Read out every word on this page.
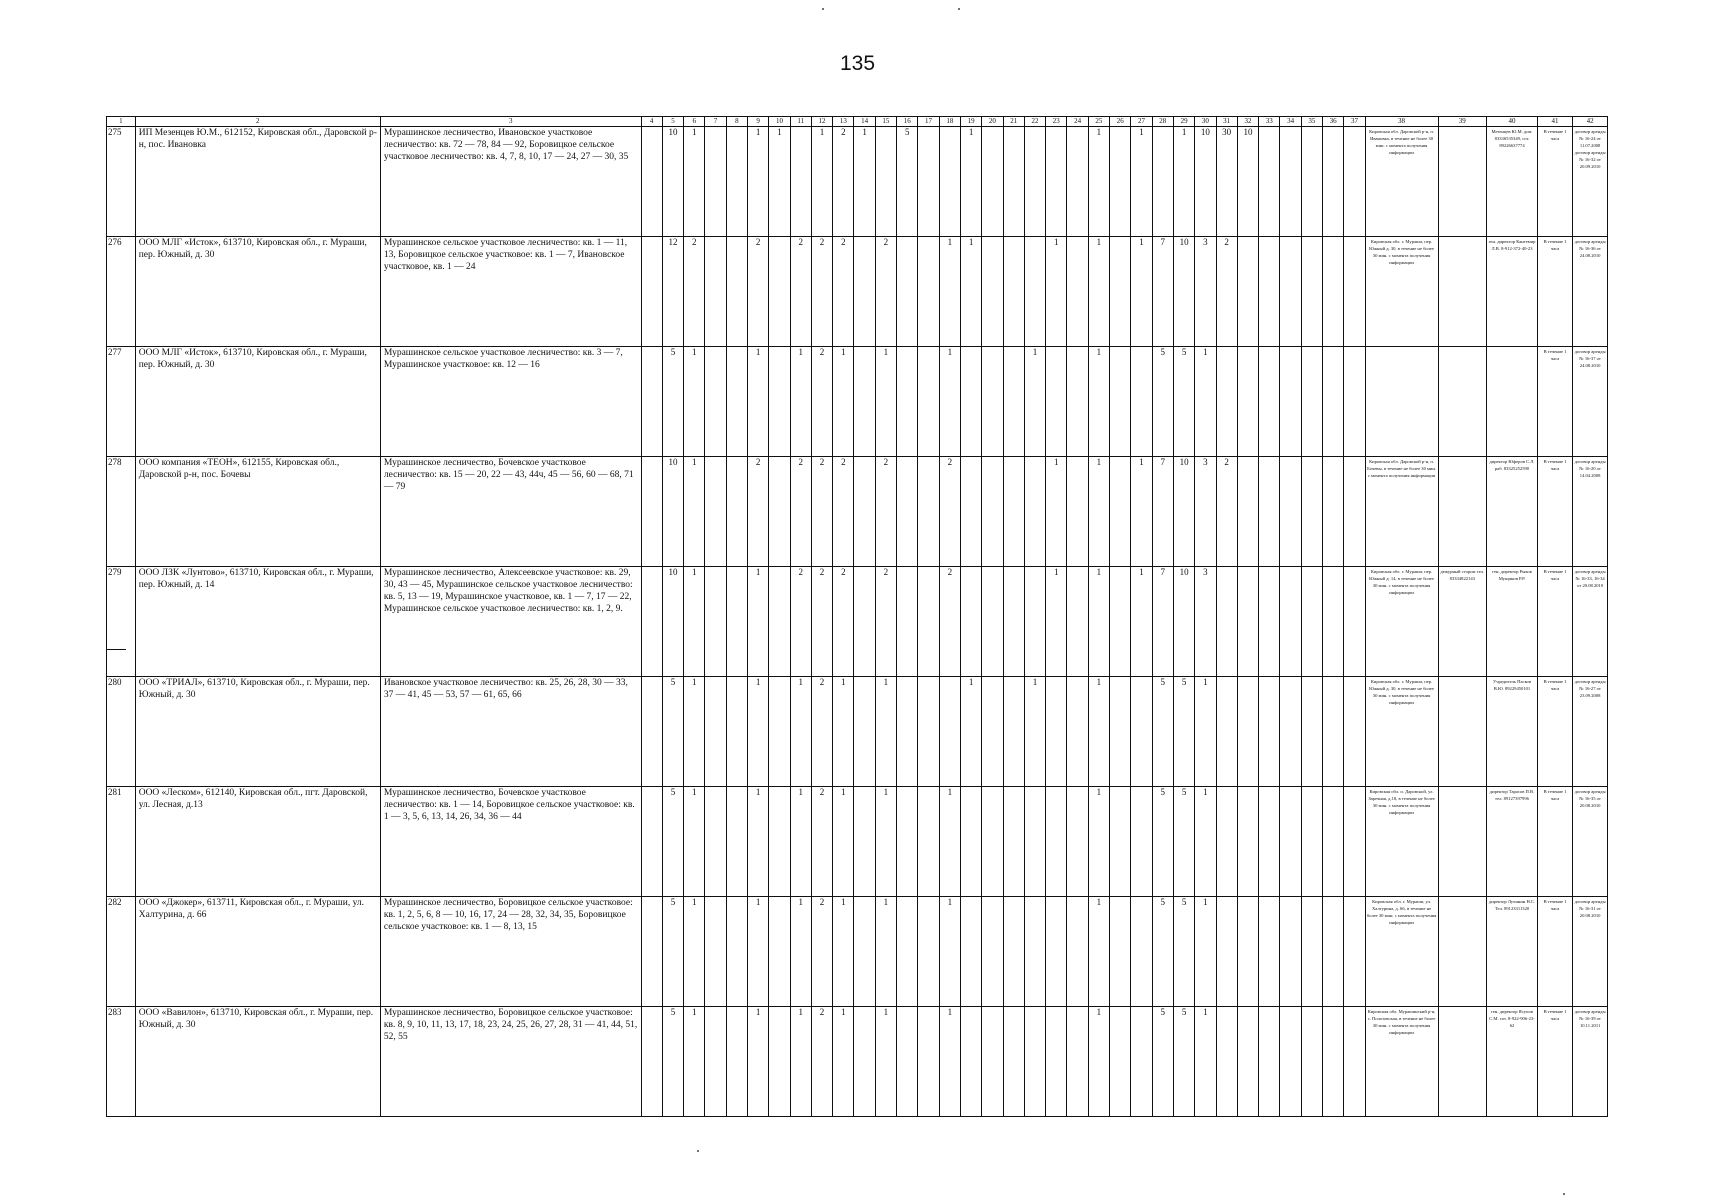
135
1	2	3	4	5	6	7	8	9	10	11	12	13	14	15	16	17	18	19	20	21	22	23	24	25	26	27	28	29	30	31	32	33	34	35	36	37	38	39	40	41	42
275	ИП Мезенцев Ю.М., 612152, Кировская обл., Даровской р-н, пос. Ивановка	Мурашинское лесничество, Ивановское участковое лесничество: кв. 72 — 78, 84 — 92, Боровицкое сельское участковое лесничество: кв. 4, 7, 8, 10, 17 — 24, 27 — 30, 35		10	1			1	1		1	2	1		5			1						1		1		1	10	30	10						Кировская обл. Даровской р-н, п. Ивановка, в течение не более 30 мин. с момента получения информации		Мезенцев Ю.М. дом. 83336535349, сот. 89226637774	В течение 1 часа	договор аренды № 16-24 от 11.07.2008 договор аренды № 16-32 от 20.09.2010
276	ООО МЛГ «Исток», 613710, Кировская обл., г. Мураши, пер. Южный, д. 30	Мурашинское сельское участковое лесничество: кв. 1 — 11, 13, Боровицкое сельское участковое: кв. 1 — 7, Ивановское участковое, кв. 1 — 24		12	2			2		2	2	2		2			1	1				1		1		1	7	10	3	2							Кировская обл. г. Мураши, пер. Южный д. 30, в течение не более 30 мин. с момента получения информации		ген. директор Кантемир Л.В. 8-912-372-40-23	В течение 1 часа	договор аренды № 16-36 от 24.08.2010
277	ООО МЛГ «Исток», 613710, Кировская обл., г. Мураши, пер. Южный, д. 30	Мурашинское сельское участковое лесничество: кв. 3 — 7, Мурашинское участковое: кв. 12 — 16		5	1			1		1	2	1		1			1				1			1			5	5	1											В течение 1 часа	договор аренды № 16-37 от 24.08.2010
278	ООО компания «ТЕОН», 612155, Кировская обл., Даровской р-н, пос. Бочевы	Мурашинское лесничество, Бочевское участковое лесничество: кв. 15 — 20, 22 — 43, 44ч, 45 — 56, 60 — 68, 71 — 79		10	1			2		2	2	2		2			2					1		1		1	7	10	3	2							Кировская обл. Даровской р-н, п. Бочевы, в течение не более 30 мин. с момента получения информации		директор Юферов С.Л. раб. 83325252590	В течение 1 часа	договор аренды № 16-20 от 14.04.2008
279	ООО ЛЗК «Лунтово», 613710, Кировская обл., г. Мураши, пер. Южный, д. 14	Мурашинское лесничество, Алексеевское участковое: кв. 29, 30, 43 — 45, Мурашинское сельское участковое лесничество: кв. 5, 13 — 19, Мурашинское участковое, кв. 1 — 7, 17 — 22, Мурашинское сельское участковое лесничество: кв. 1, 2, 9.		10	1			1		2	2	2		2			2					1		1		1	7	10	3								Кировская обл. г. Мураши, пер. Южный д. 14, в течение не более 30 мин. с момента получения информации	дежурный сторож тел. 83334822143	ген. директор Рыков Мущинов Р.Р.	В течение 1 часа	договор аренды № 16-33, 16-34 от 20.08.2010
280	ООО «ТРИАЛ», 613710, Кировская обл., г. Мураши, пер. Южный, д. 30	Ивановское участковое лесничество: кв. 25, 26, 28, 30 — 33, 37 — 41, 45 — 53, 57 — 61, 65, 66		5	1			1		1	2	1		1				1			1			1			5	5	1								Кировская обл. г. Мураши, пер. Южный д. 30, в течение не более 30 мин. с момента получения информации		Учредитель Пасков В.Ю. 89229450101	В течение 1 часа	договор аренды № 16-27 от 23.09.2008
281	ООО «Леском», 612140, Кировская обл., пгт. Даровской, ул. Лесная, д.13	Мурашинское лесничество, Бочевское участковое лесничество: кв. 1 — 14, Боровицкое сельское участковое: кв. 1 — 3, 5, 6, 13, 14, 26, 34, 36 — 44		5	1			1		1	2	1		1			1							1			5	5	1								Кировская обл. п. Даровской, ул. Заречная, д.18, в течение не более 30 мин. с момента получения информации		директор Тарасов П.В. тел. 89127397996	В течение 1 часа	договор аренды № 16-35 от 20.08.2010
282	ООО «Джокер», 613711, Кировская обл., г. Мураши, ул. Халтурина, д. 66	Мурашинское лесничество, Боровицкое сельское участковое: кв. 1, 2, 5, 6, 8 — 10, 16, 17, 24 — 28, 32, 34, 35, Боровицкое сельское участковое: кв. 1 — 8, 13, 15		5	1			1		1	2	1		1			1							1			5	5	1								Кировская обл. г. Мураши, ул. Халтурина, д. 66, в течение не более 30 мин. с момента получения информации		директор Лучинин Н.С. Тел. 89123311320	В течение 1 часа	договор аренды № 16-31 от 20.08.2010
283	ООО «Вавилон», 613710, Кировская обл., г. Мураши, пер. Южный, д. 30	Мурашинское лесничество, Боровицкое сельское участковое: кв. 8, 9, 10, 11, 13, 17, 18, 23, 24, 25, 26, 27, 28, 31 — 41, 44, 51, 52, 55		5	1			1		1	2	1		1			1							1			5	5	1								Кировская обл. Мурашинский р-н, с. Полозовская, в течение не более 30 мин. с момента получения информации		ген. директор Ясупов С.М. сот. 8-922-906-23-62	В течение 1 часа	договор аренды № 16-39 от 10.11.2011
